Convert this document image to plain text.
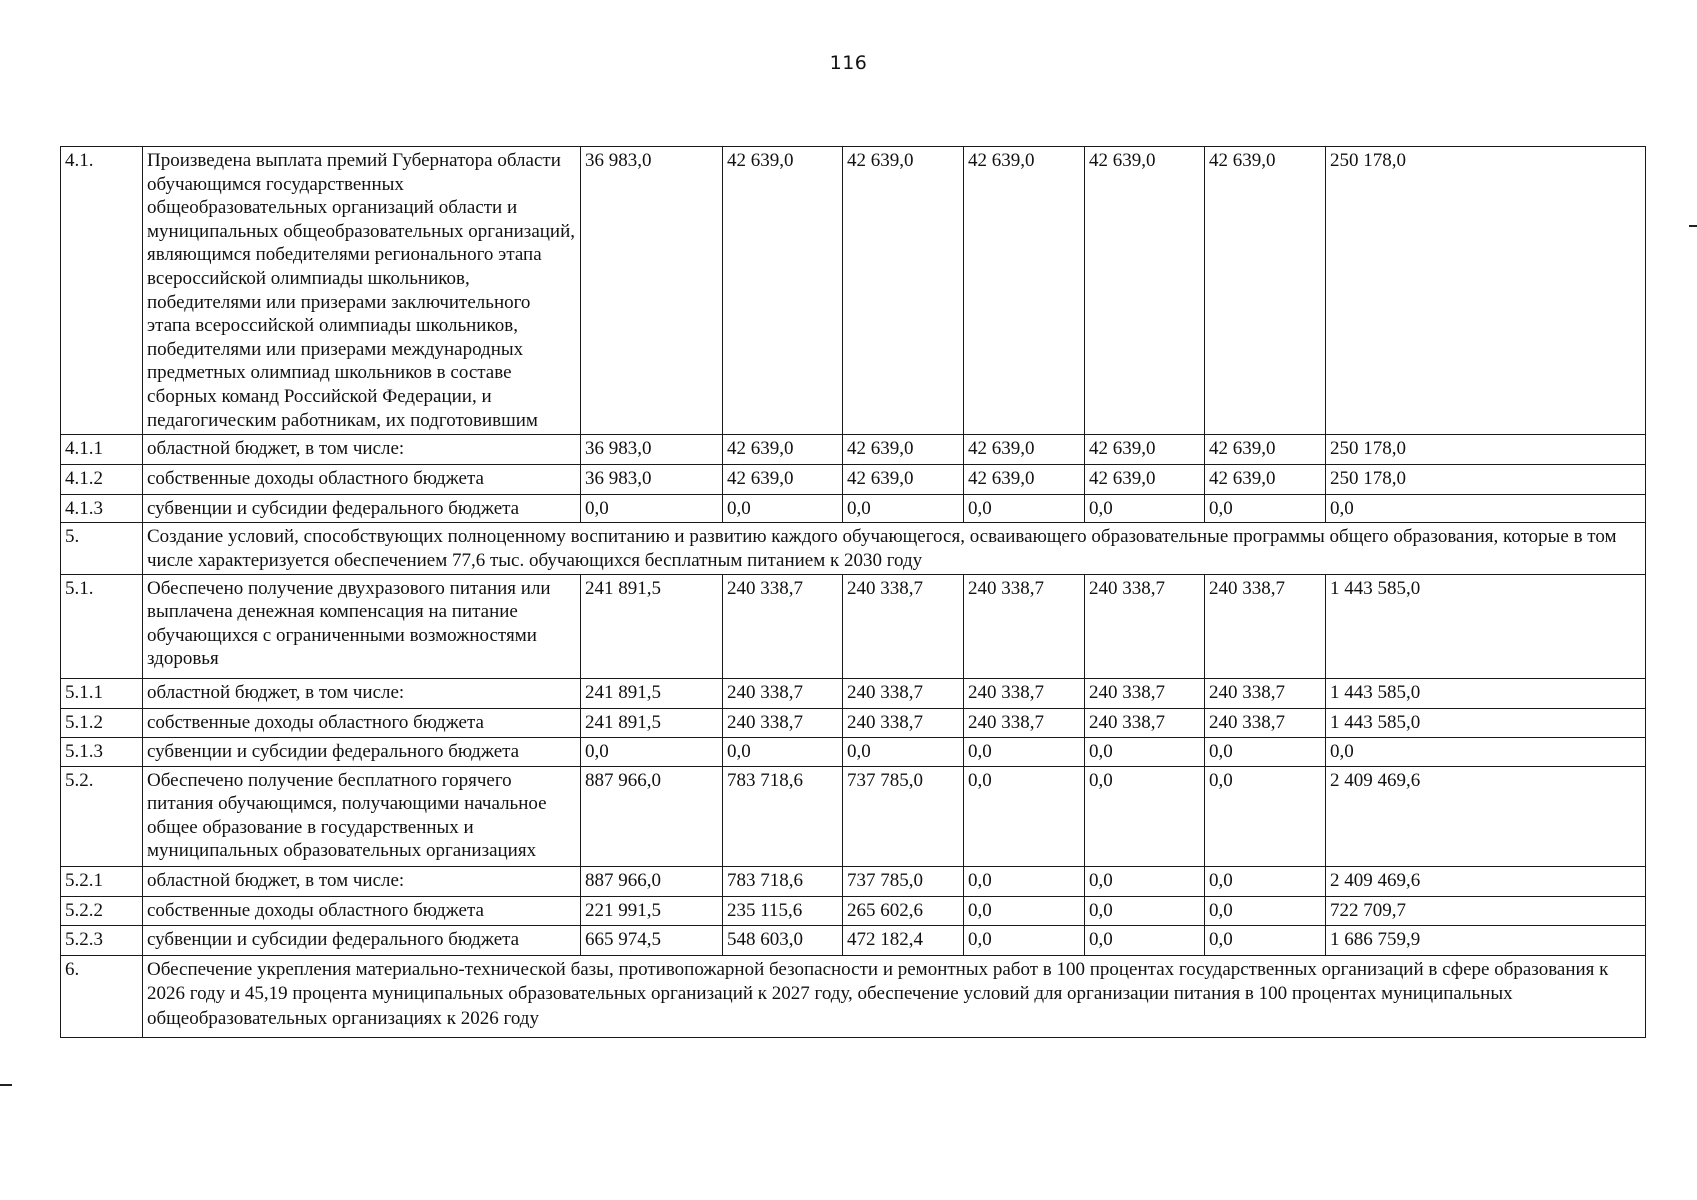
116
4.1.	Произведена выплата премий Губернатора области обучающимся государственных общеобразовательных организаций области и муниципальных общеобразовательных организаций, являющимся победителями регионального этапа всероссийской олимпиады школьников, победителями или призерами заключительного этапа всероссийской олимпиады школьников, победителями или призерами международных предметных олимпиад школьников в составе сборных команд Российской Федерации, и педагогическим работникам, их подготовившим	36 983,0	42 639,0	42 639,0	42 639,0	42 639,0	42 639,0	250 178,0
4.1.1	областной бюджет, в том числе:	36 983,0	42 639,0	42 639,0	42 639,0	42 639,0	42 639,0	250 178,0
4.1.2	собственные доходы областного бюджета	36 983,0	42 639,0	42 639,0	42 639,0	42 639,0	42 639,0	250 178,0
4.1.3	субвенции и субсидии федерального бюджета	0,0	0,0	0,0	0,0	0,0	0,0	0,0
5.	Создание условий, способствующих полноценному воспитанию и развитию каждого обучающегося, осваивающего образовательные программы общего образования, которые в том числе характеризуется обеспечением 77,6 тыс. обучающихся бесплатным питанием к 2030 году							
5.1.	Обеспечено получение двухразового питания или выплачена денежная компенсация на питание обучающихся с ограниченными возможностями здоровья	241 891,5	240 338,7	240 338,7	240 338,7	240 338,7	240 338,7	1 443 585,0
5.1.1	областной бюджет, в том числе:	241 891,5	240 338,7	240 338,7	240 338,7	240 338,7	240 338,7	1 443 585,0
5.1.2	собственные доходы областного бюджета	241 891,5	240 338,7	240 338,7	240 338,7	240 338,7	240 338,7	1 443 585,0
5.1.3	субвенции и субсидии федерального бюджета	0,0	0,0	0,0	0,0	0,0	0,0	0,0
5.2.	Обеспечено получение бесплатного горячего питания обучающимся, получающими начальное общее образование в государственных и муниципальных образовательных организациях	887 966,0	783 718,6	737 785,0	0,0	0,0	0,0	2 409 469,6
5.2.1	областной бюджет, в том числе:	887 966,0	783 718,6	737 785,0	0,0	0,0	0,0	2 409 469,6
5.2.2	собственные доходы областного бюджета	221 991,5	235 115,6	265 602,6	0,0	0,0	0,0	722 709,7
5.2.3	субвенции и субсидии федерального бюджета	665 974,5	548 603,0	472 182,4	0,0	0,0	0,0	1 686 759,9
6.	Обеспечение укрепления материально-технической базы, противопожарной безопасности и ремонтных работ в 100 процентах государственных организаций в сфере образования к 2026 году и 45,19 процента муниципальных образовательных организаций к 2027 году, обеспечение условий для организации питания в 100 процентах муниципальных общеобразовательных организациях к 2026 году							
